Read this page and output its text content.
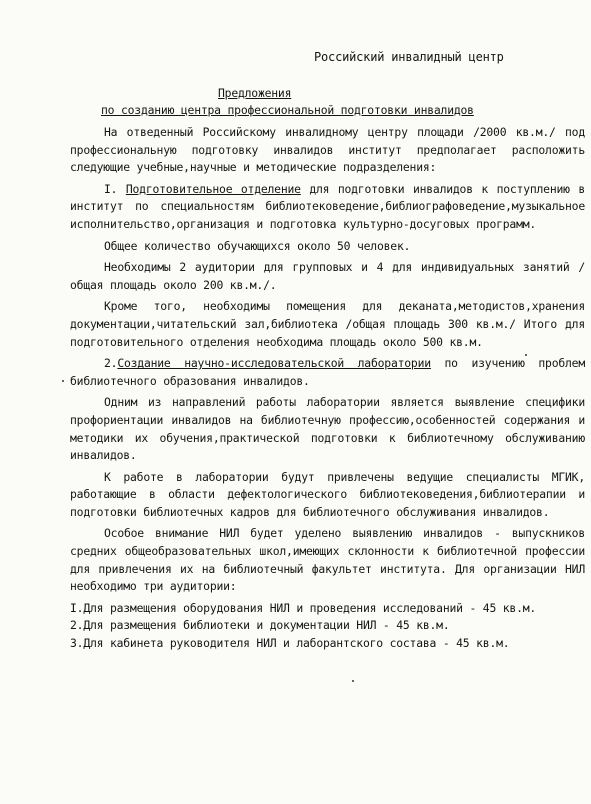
Российский инвалидный центр
Предложения
по созданию центра профессиональной подготовки инвалидов

На отведенный Российскому инвалидному центру площади /2000 кв.м./ под профессиональную подготовку инвалидов институт предполагает расположить следующие учебные,научные и методические подразделения:

I. Подготовительное отделение для подготовки инвалидов к поступлению в институт по специальностям библиотековедение,библиографоведение,музыкальное исполнительство,организация и подготовка культурно-досуговых программ.

Общее количество обучающихся около 50 человек.

Необходимы 2 аудитории для групповых и 4 для индивидуальных занятий /общая площадь около 200 кв.м./.

Кроме того, необходимы помещения для деканата,методистов,хранения документации,читательский зал,библиотека /общая площадь 300 кв.м./ Итого для подготовительного отделения необходима площадь около 500 кв.м.

2.Создание научно-исследовательской лаборатории по изучению проблем библиотечного образования инвалидов.

Одним из направлений работы лаборатории является выявление специфики профориентации инвалидов на библиотечную профессию,особенностей содержания и методики их обучения,практической подготовки к библиотечному обслуживанию инвалидов.

К работе в лаборатории будут привлечены ведущие специалисты МГИК, работающие в области дефектологического библиотековедения,библиотерапии и подготовки библиотечных кадров для библиотечного обслуживания инвалидов.

Особое внимание НИЛ будет уделено выявлению инвалидов - выпускников средних общеобразовательных школ,имеющих склонности к библиотечной профессии для привлечения их на библиотечный факультет института. Для организации НИЛ необходимо три аудитории:

I.Для размещения оборудования НИЛ и проведения исследований - 45 кв.м.
2.Для размещения библиотеки и документации НИЛ - 45 кв.м.
3.Для кабинета руководителя НИЛ и лаборантского состава - 45 кв.м.
